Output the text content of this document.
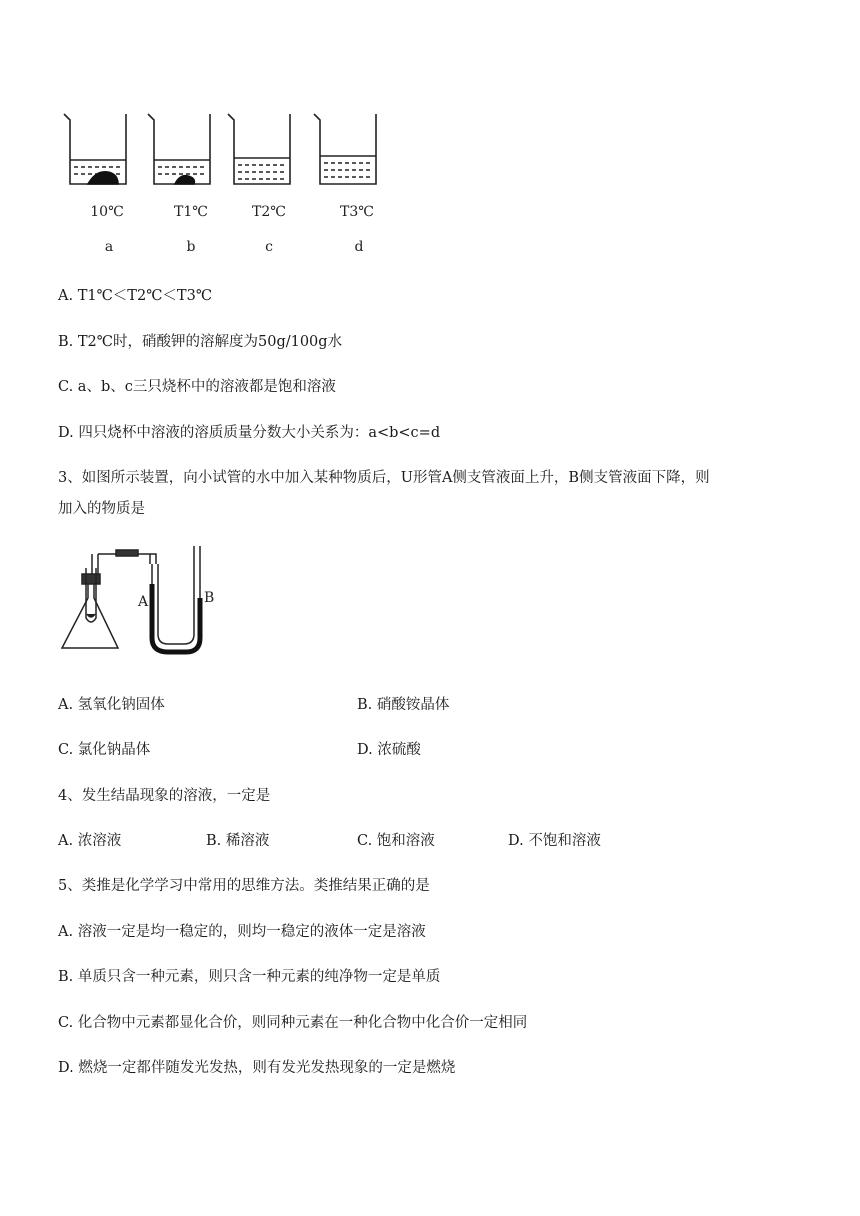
10℃	T1℃	T2℃	T3℃
a	b	c	d
A. T1℃＜T2℃＜T3℃
B. T2℃时，硝酸钾的溶解度为50g/100g水
C. a、b、c三只烧杯中的溶液都是饱和溶液
D. 四只烧杯中溶液的溶质质量分数大小关系为：a<b<c=d
3、如图所示装置，向小试管的水中加入某种物质后，U形管A侧支管液面上升，B侧支管液面下降，则
加入的物质是
A	B
A. 氢氧化钠固体	B. 硝酸铵晶体
C. 氯化钠晶体	D. 浓硫酸
4、发生结晶现象的溶液，一定是
A. 浓溶液	B. 稀溶液	C. 饱和溶液	D. 不饱和溶液
5、类推是化学学习中常用的思维方法。类推结果正确的是
A. 溶液一定是均一稳定的，则均一稳定的液体一定是溶液
B. 单质只含一种元素，则只含一种元素的纯净物一定是单质
C. 化合物中元素都显化合价，则同种元素在一种化合物中化合价一定相同
D. 燃烧一定都伴随发光发热，则有发光发热现象的一定是燃烧
